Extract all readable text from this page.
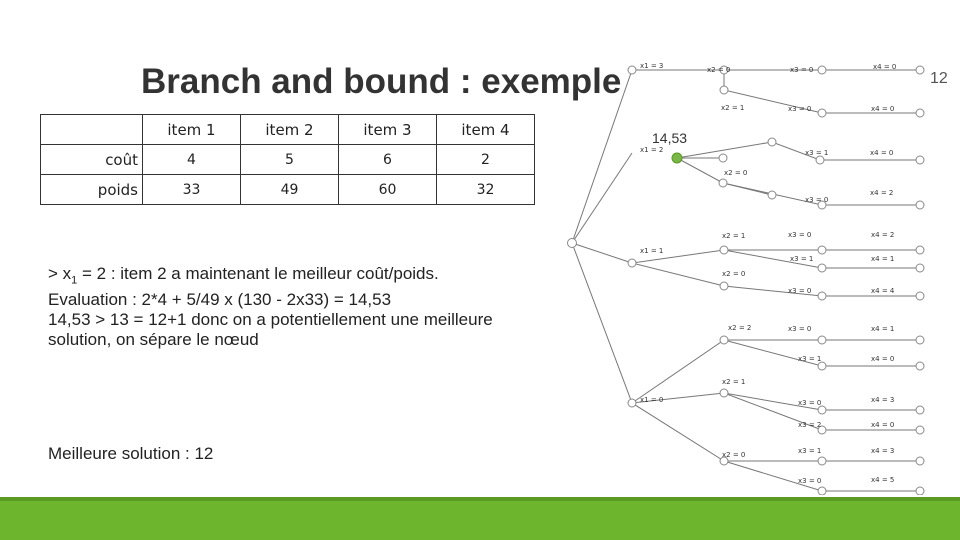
Branch and bound : exemple	12
	item 1	item 2	item 3	item 4
coût	4	5	6	2
poids	33	49	60	32
> $x_1 = 2$ : item 2 a maintenant le meilleur coût/poids.
Evaluation : 2*4 + 5/49 x (130 - 2x33) = 14,53
14,53 > 13 = 12+1 donc on a potentiellement une meilleure
solution, on sépare le nœud
Meilleure solution : 12
x1 = 3	x2 = 0	x3 = 0	x4 = 0
x2 = 1	x3 = 0	x4 = 0
x1 = 2	x3 = 1	x4 = 0
x2 = 0
x3 = 0
x4 = 2
x2 = 1	x3 = 0	x4 = 2
x1 = 1
x3 = 1	x4 = 1
x2 = 0
x3 = 0	x4 = 4
x2 = 2	x3 = 0	x4 = 1
x3 = 1	x4 = 0
x2 = 1
x3 = 0	x4 = 3
x1 = 0
x3 = 2	x4 = 0
x2 = 0	x3 = 1	x4 = 3
x3 = 0	x4 = 5
14,53
